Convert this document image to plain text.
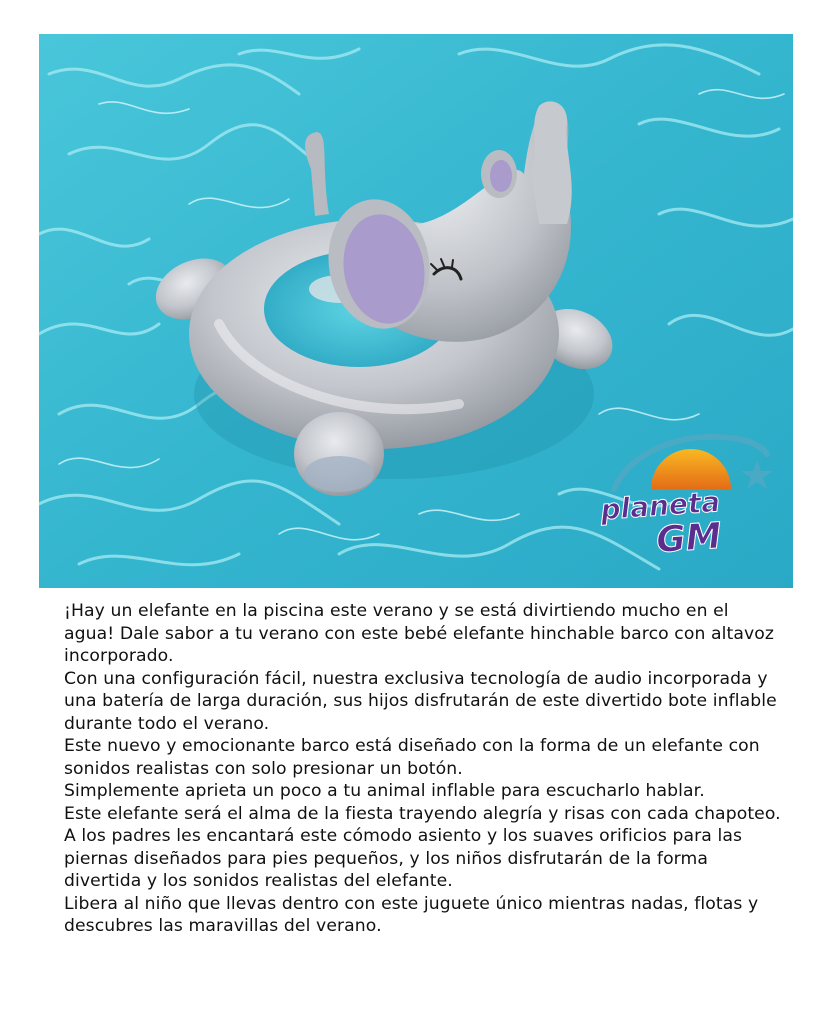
planeta
GM

¡Hay un elefante en la piscina este verano y se está divirtiendo mucho en el agua! Dale sabor a tu verano con este bebé elefante hinchable barco con altavoz incorporado.

Con una configuración fácil, nuestra exclusiva tecnología de audio incorporada y una batería de larga duración, sus hijos disfrutarán de este divertido bote inflable durante todo el verano.

Este nuevo y emocionante barco está diseñado con la forma de un elefante con sonidos realistas con solo presionar un botón.

Simplemente aprieta un poco a tu animal inflable para escucharlo hablar.

Este elefante será el alma de la fiesta trayendo alegría y risas con cada chapoteo.

A los padres les encantará este cómodo asiento y los suaves orificios para las piernas diseñados para pies pequeños, y los niños disfrutarán de la forma divertida y los sonidos realistas del elefante.

Libera al niño que llevas dentro con este juguete único mientras nadas, flotas y descubres las maravillas del verano.
